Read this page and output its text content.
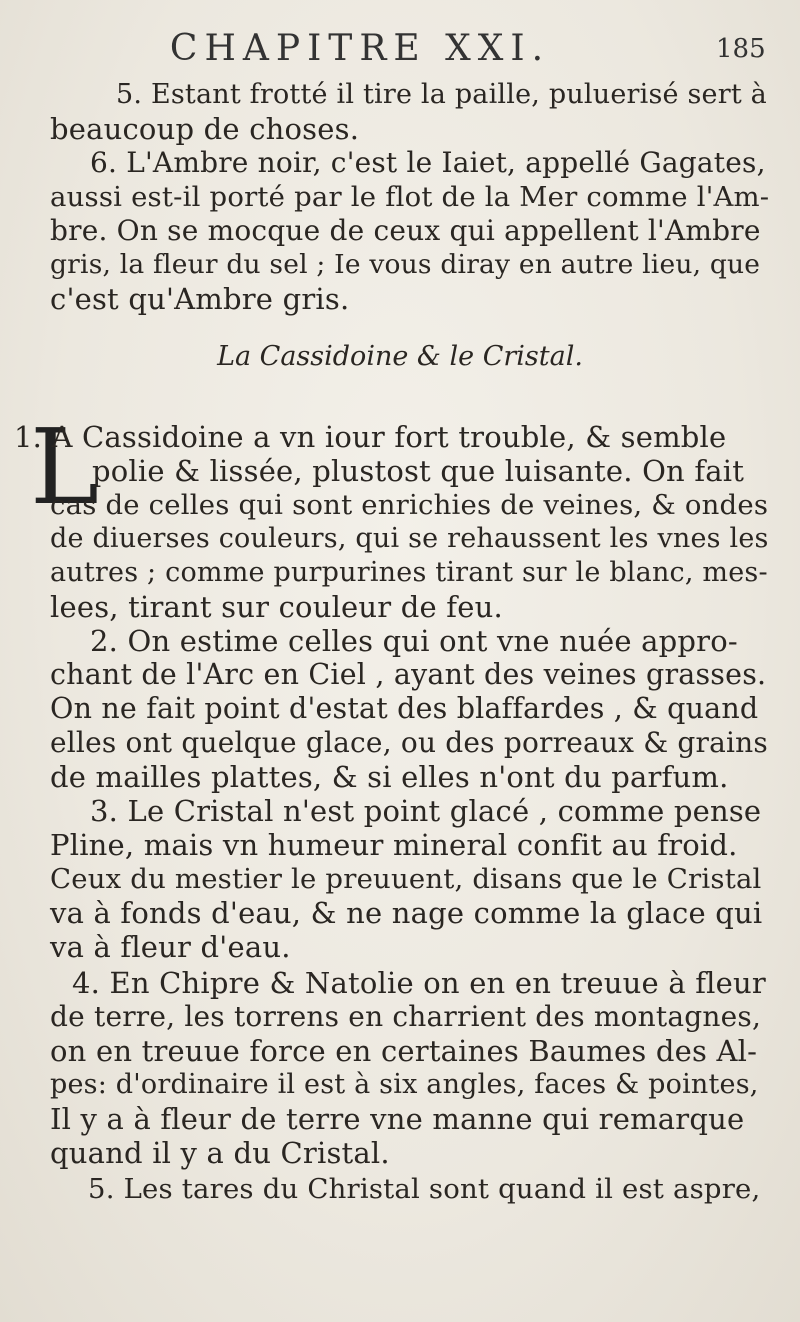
CHAPITRE XXI.	185
5. Estant frotté il tire la paille, puluerisé sert à
beaucoup de choses.
6. L'Ambre noir, c'est le Iaiet, appellé Gagates,
aussi est-il porté par le flot de la Mer comme l'Am-
bre. On se mocque de ceux qui appellent l'Ambre
gris, la fleur du sel ; Ie vous diray en autre lieu, que
c'est qu'Ambre gris.
La Cassidoine & le Cristal.
L
1. A Cassidoine a vn iour fort trouble, & semble
polie & lissée, plustost que luisante. On fait
cas de celles qui sont enrichies de veines, & ondes
de diuerses couleurs, qui se rehaussent les vnes les
autres ; comme purpurines tirant sur le blanc, mes-
lees, tirant sur couleur de feu.
2. On estime celles qui ont vne nuée appro-
chant de l'Arc en Ciel , ayant des veines grasses.
On ne fait point d'estat des blaffardes , & quand
elles ont quelque glace, ou des porreaux & grains
de mailles plattes, & si elles n'ont du parfum.
3. Le Cristal n'est point glacé , comme pense
Pline, mais vn humeur mineral confit au froid.
Ceux du mestier le preuuent, disans que le Cristal
va à fonds d'eau, & ne nage comme la glace qui
va à fleur d'eau.
4. En Chipre & Natolie on en en treuue à fleur
de terre, les torrens en charrient des montagnes,
on en treuue force en certaines Baumes des Al-
pes: d'ordinaire il est à six angles, faces & pointes,
Il y a à fleur de terre vne manne qui remarque
quand il y a du Cristal.
5. Les tares du Christal sont quand il est aspre,
